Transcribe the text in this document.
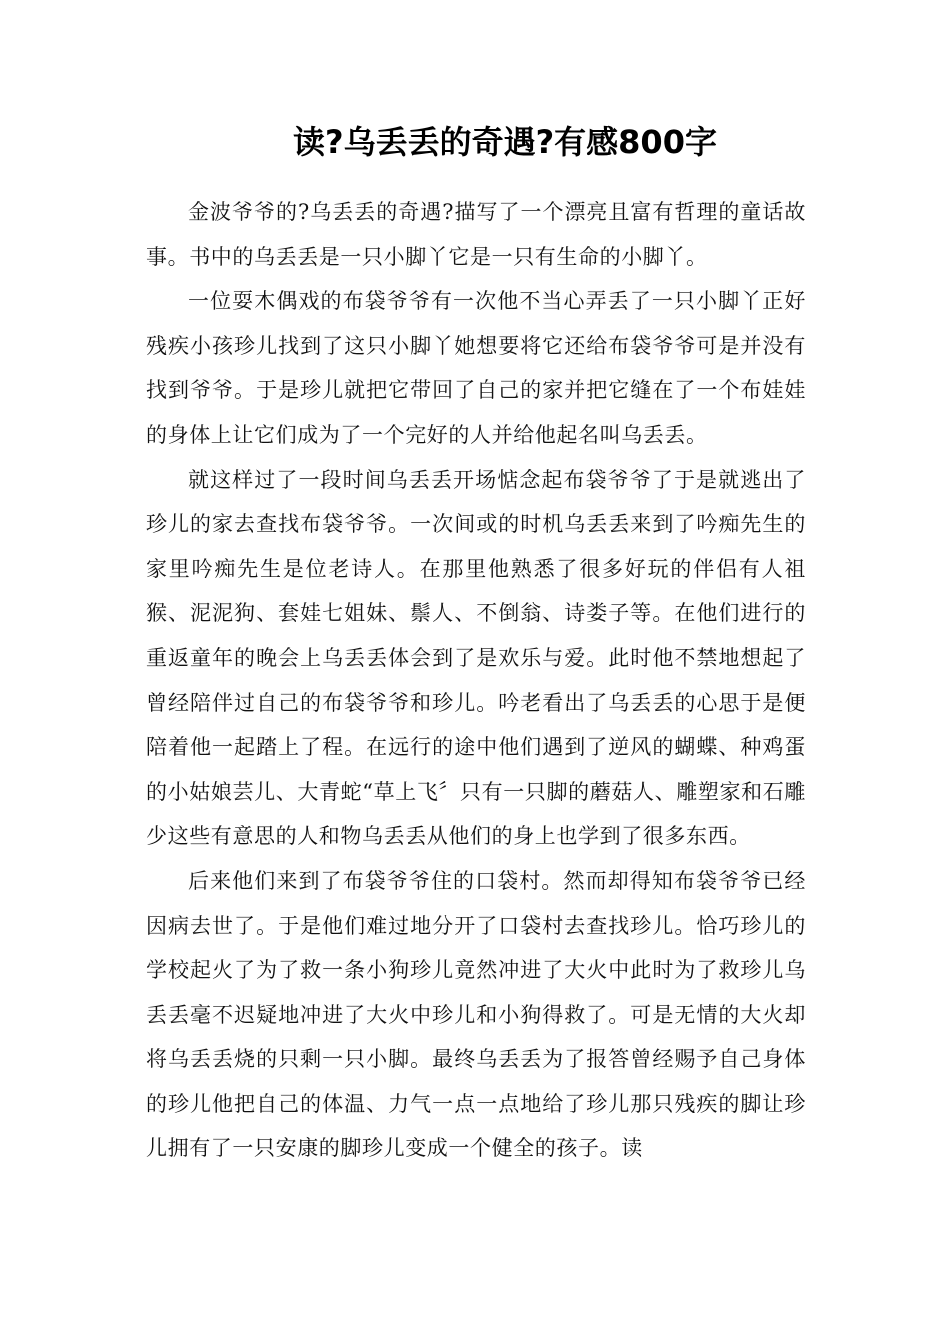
读?乌丢丢的奇遇?有感800字

金波爷爷的?乌丢丢的奇遇?描写了一个漂亮且富有哲理的童话故事。书中的乌丢丢是一只小脚丫它是一只有生命的小脚丫。

一位耍木偶戏的布袋爷爷有一次他不当心弄丢了一只小脚丫正好残疾小孩珍儿找到了这只小脚丫她想要将它还给布袋爷爷可是并没有找到爷爷。于是珍儿就把它带回了自己的家并把它缝在了一个布娃娃的身体上让它们成为了一个完好的人并给他起名叫乌丢丢。

就这样过了一段时间乌丢丢开场惦念起布袋爷爷了于是就逃出了珍儿的家去查找布袋爷爷。一次间或的时机乌丢丢来到了吟痴先生的家里吟痴先生是位老诗人。在那里他熟悉了很多好玩的伴侣有人祖猴、泥泥狗、套娃七姐妹、鬃人、不倒翁、诗娄子等。在他们进行的重返童年的晚会上乌丢丢体会到了是欢乐与爱。此时他不禁地想起了曾经陪伴过自己的布袋爷爷和珍儿。吟老看出了乌丢丢的心思于是便陪着他一起踏上了程。在远行的途中他们遇到了逆风的蝴蝶、种鸡蛋的小姑娘芸儿、大青蛇“草上飞〞只有一只脚的蘑菇人、雕塑家和石雕少这些有意思的人和物乌丢丢从他们的身上也学到了很多东西。

后来他们来到了布袋爷爷住的口袋村。然而却得知布袋爷爷已经因病去世了。于是他们难过地分开了口袋村去查找珍儿。恰巧珍儿的学校起火了为了救一条小狗珍儿竟然冲进了大火中此时为了救珍儿乌丢丢毫不迟疑地冲进了大火中珍儿和小狗得救了。可是无情的大火却将乌丢丢烧的只剩一只小脚。最终乌丢丢为了报答曾经赐予自己身体的珍儿他把自己的体温、力气一点一点地给了珍儿那只残疾的脚让珍儿拥有了一只安康的脚珍儿变成一个健全的孩子。读
